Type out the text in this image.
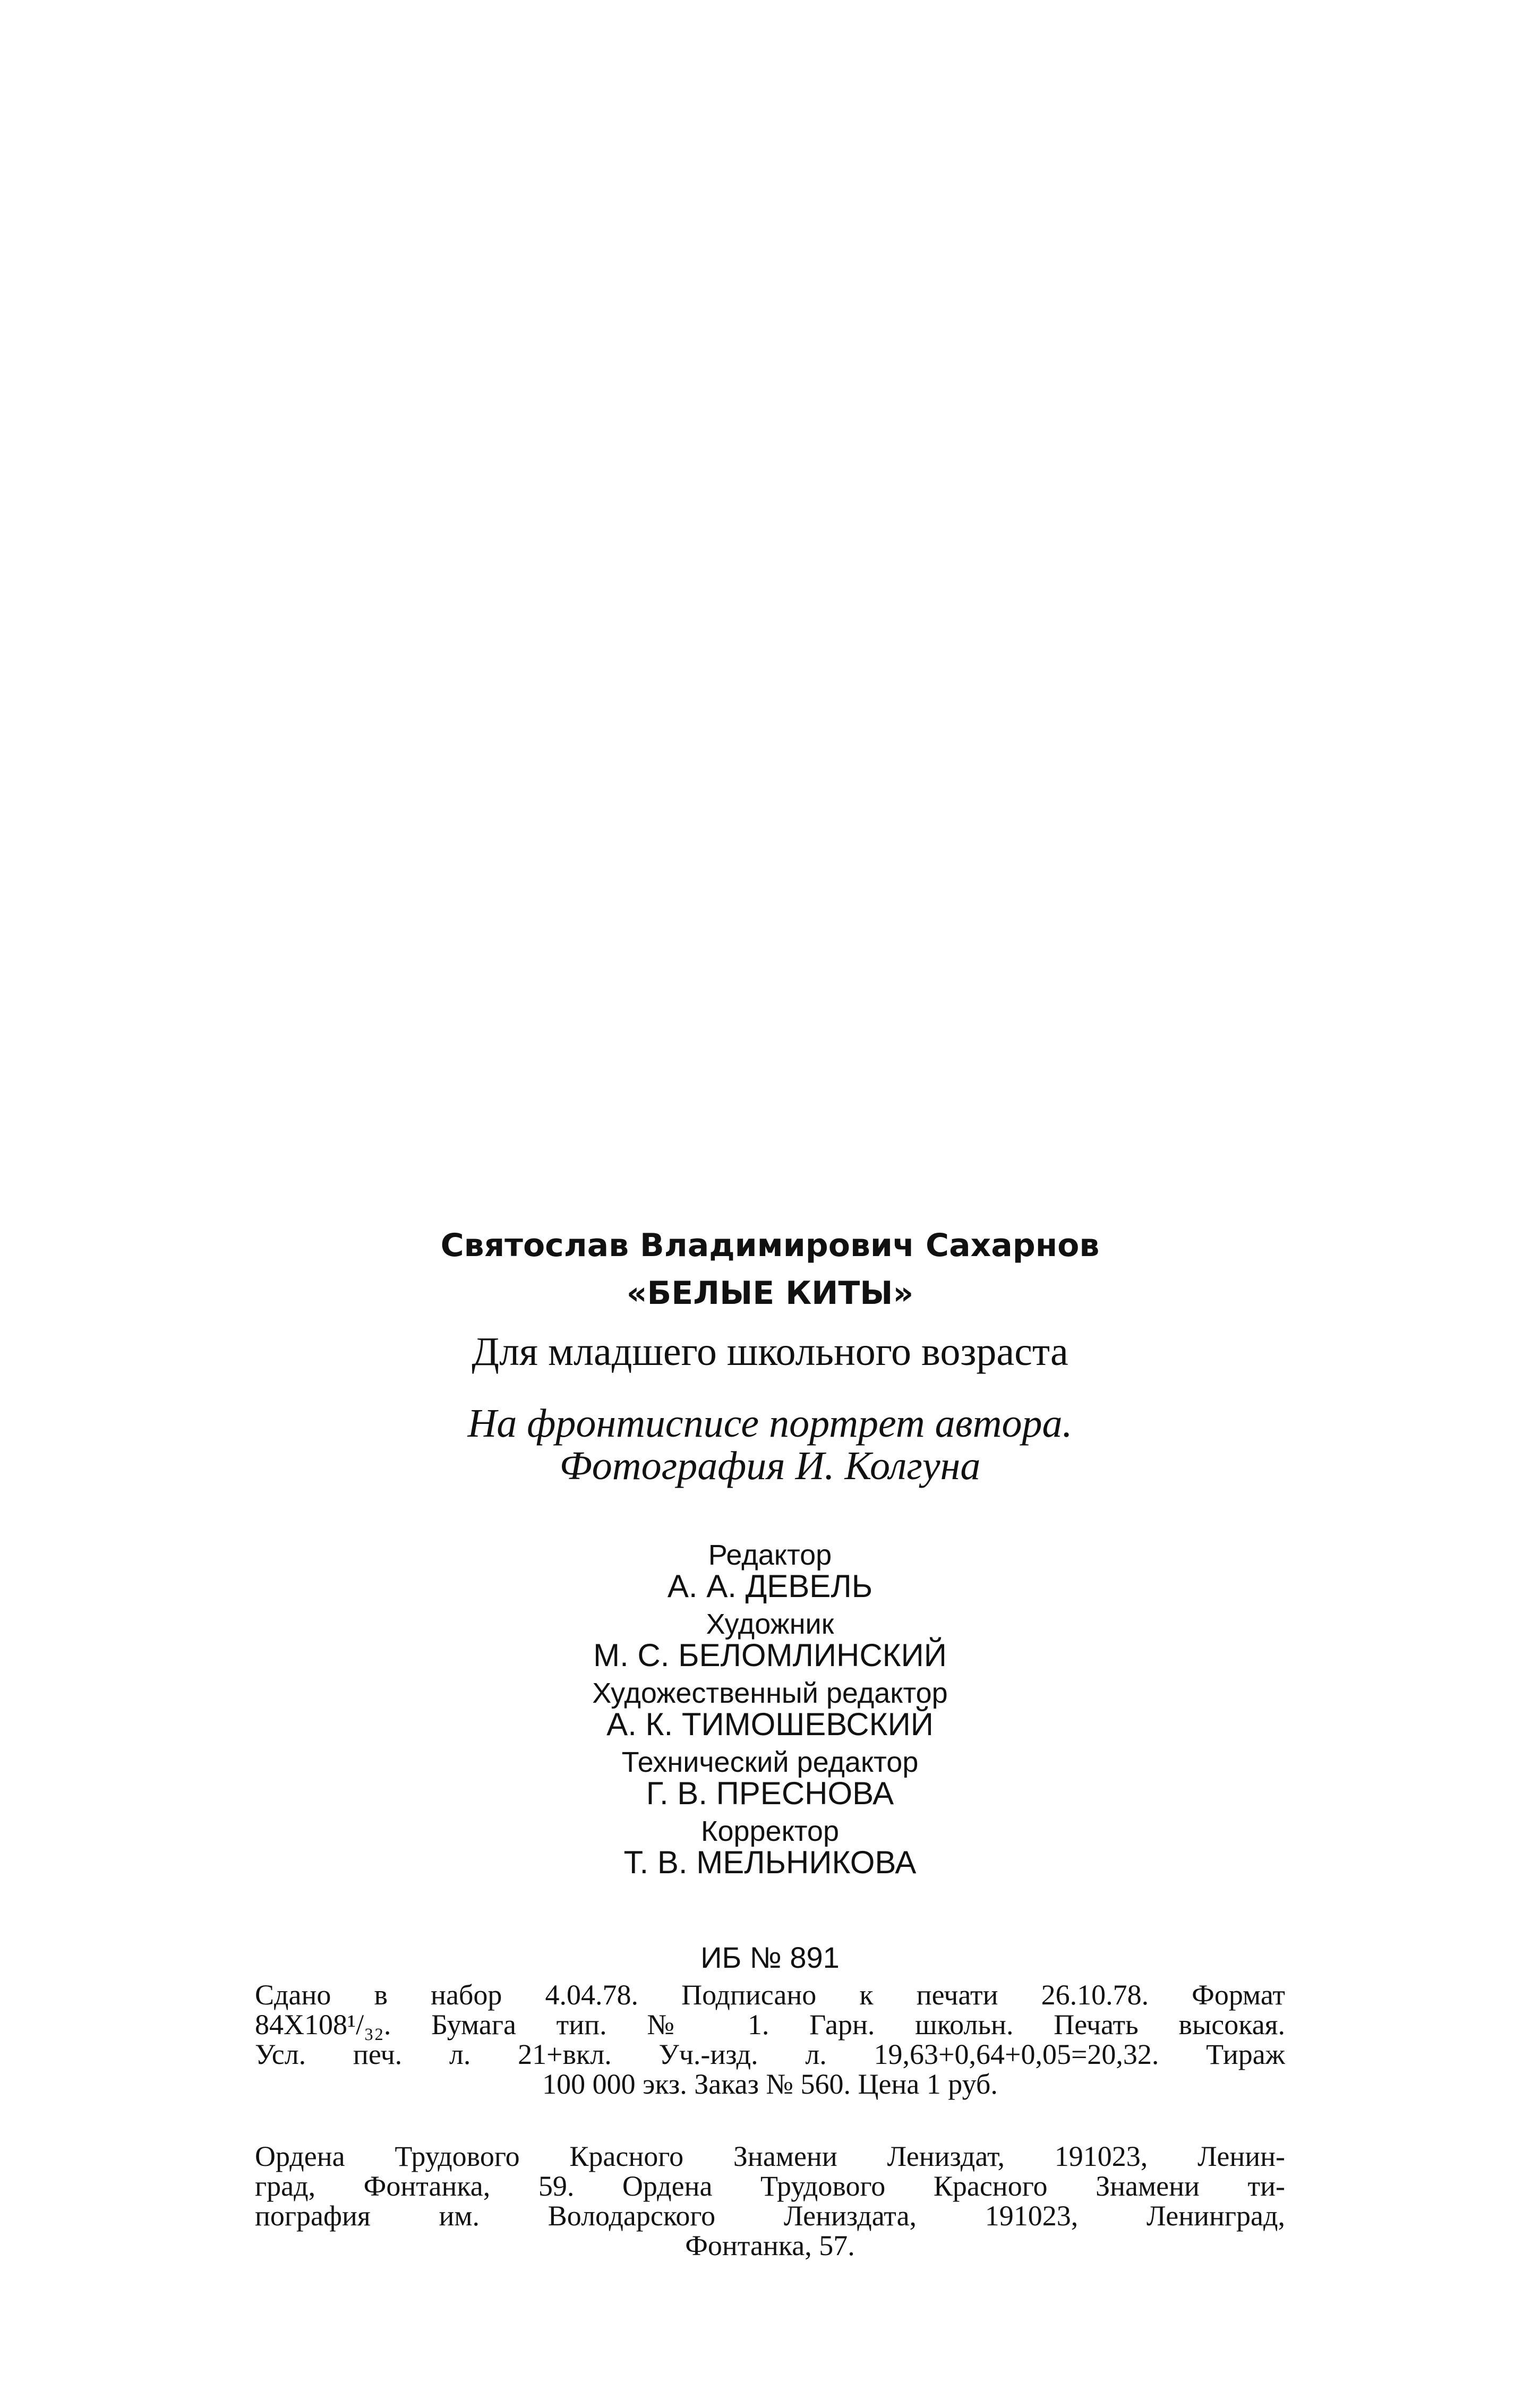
Святослав Владимирович Сахарнов

«БЕЛЫЕ КИТЫ»

Для младшего школьного возраста

На фронтисписе портрет автора.
Фотография И. Колгуна

Редактор

А. А. ДЕВЕЛЬ

Художник

М. С. БЕЛОМЛИНСКИЙ

Художественный редактор

А. К. ТИМОШЕВСКИЙ

Технический редактор

Г. В. ПРЕСНОВА

Корректор

Т. В. МЕЛЬНИКОВА

ИБ № 891

Сдано в набор 4.04.78. Подписано к печати 26.10.78. Формат

84X108¹/₃₂. Бумага тип. № 1. Гарн. школьн. Печать высокая.

Усл. печ. л. 21+вкл. Уч.-изд. л. 19,63+0,64+0,05=20,32. Тираж

100 000 экз. Заказ № 560. Цена 1 руб.

Ордена Трудового Красного Знамени Лениздат, 191023, Ленин-

град, Фонтанка, 59. Ордена Трудового Красного Знамени ти-

пография им. Володарского Лениздата, 191023, Ленинград,

Фонтанка, 57.
